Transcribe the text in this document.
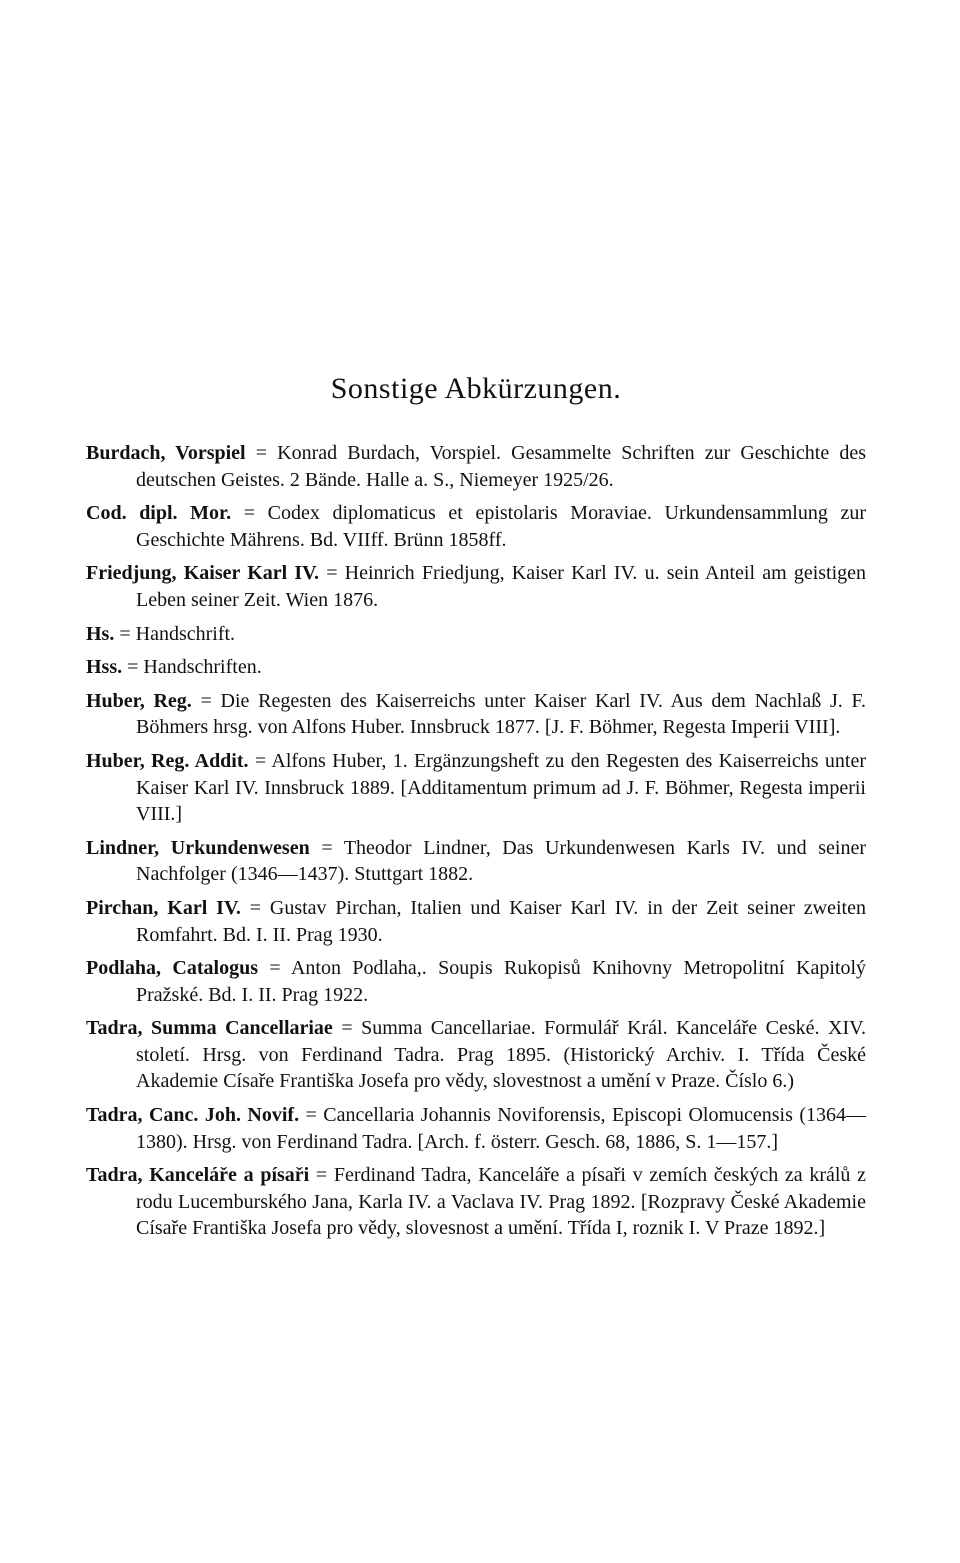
Sonstige Abkürzungen.
Burdach, Vorspiel = Konrad Burdach, Vorspiel. Gesammelte Schriften zur Geschichte des deutschen Geistes. 2 Bände. Halle a. S., Niemeyer 1925/26.
Cod. dipl. Mor. = Codex diplomaticus et epistolaris Moraviae. Urkundensammlung zur Geschichte Mährens. Bd. VIIff. Brünn 1858ff.
Friedjung, Kaiser Karl IV. = Heinrich Friedjung, Kaiser Karl IV. u. sein Anteil am geistigen Leben seiner Zeit. Wien 1876.
Hs. = Handschrift.
Hss. = Handschriften.
Huber, Reg. = Die Regesten des Kaiserreichs unter Kaiser Karl IV. Aus dem Nachlaß J. F. Böhmers hrsg. von Alfons Huber. Innsbruck 1877. [J. F. Böhmer, Regesta Imperii VIII].
Huber, Reg. Addit. = Alfons Huber, 1. Ergänzungsheft zu den Regesten des Kaiserreichs unter Kaiser Karl IV. Innsbruck 1889. [Additamentum primum ad J. F. Böhmer, Regesta imperii VIII.]
Lindner, Urkundenwesen = Theodor Lindner, Das Urkundenwesen Karls IV. und seiner Nachfolger (1346—1437). Stuttgart 1882.
Pirchan, Karl IV. = Gustav Pirchan, Italien und Kaiser Karl IV. in der Zeit seiner zweiten Romfahrt. Bd. I. II. Prag 1930.
Podlaha, Catalogus = Anton Podlaha,. Soupis Rukopisů Knihovny Metropolitní Kapitolý Pražské. Bd. I. II. Prag 1922.
Tadra, Summa Cancellariae = Summa Cancellariae. Formulář Král. Kanceláře Ceské. XIV. století. Hrsg. von Ferdinand Tadra. Prag 1895. (Historický Archiv. I. Třída České Akademie Císaře Františka Josefa pro vědy, slovestnost a umění v Praze. Číslo 6.)
Tadra, Canc. Joh. Novif. = Cancellaria Johannis Noviforensis, Episcopi Olomucensis (1364—1380). Hrsg. von Ferdinand Tadra. [Arch. f. österr. Gesch. 68, 1886, S. 1—157.]
Tadra, Kanceláře a písaři = Ferdinand Tadra, Kanceláře a písaři v zemích českých za králů z rodu Lucemburského Jana, Karla IV. a Vaclava IV. Prag 1892. [Rozpravy České Akademie Císaře Františka Josefa pro vědy, slovesnost a umění. Třída I, roznik I. V Praze 1892.]
